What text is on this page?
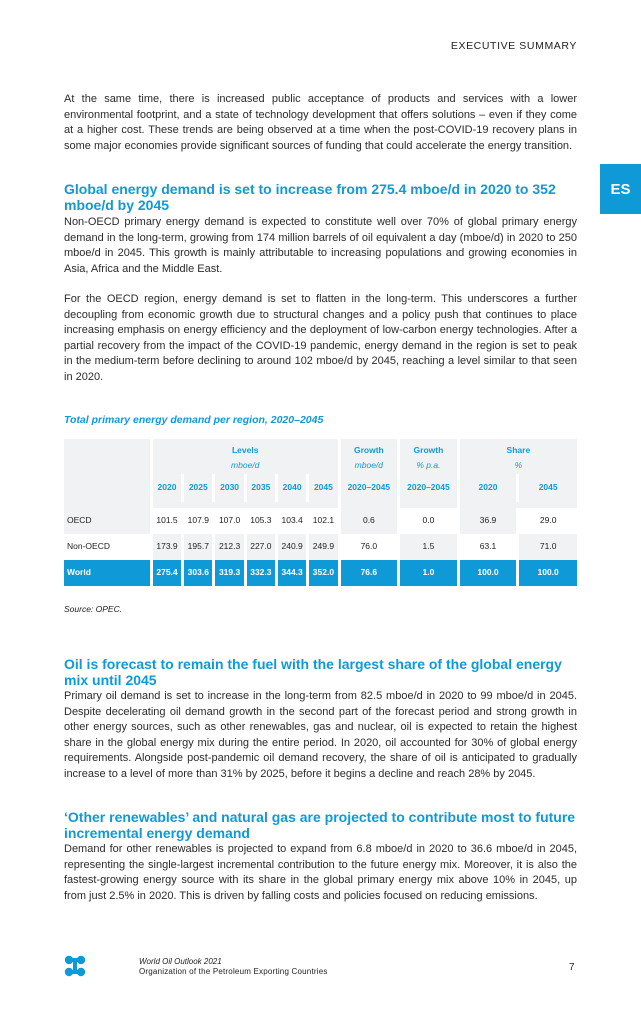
EXECUTIVE SUMMARY
ES

At the same time, there is increased public acceptance of products and services with a lower environmental footprint, and a state of technology development that offers solutions – even if they come at a higher cost. These trends are being observed at a time when the post-COVID-19 recovery plans in some major economies provide significant sources of funding that could accelerate the energy transition.

Global energy demand is set to increase from 275.4 mboe/d in 2020 to 352 mboe/d by 2045

Non-OECD primary energy demand is expected to constitute well over 70% of global primary energy demand in the long-term, growing from 174 million barrels of oil equivalent a day (mboe/d) in 2020 to 250 mboe/d in 2045. This growth is mainly attributable to increasing populations and growing economies in Asia, Africa and the Middle East.

For the OECD region, energy demand is set to flatten in the long-term. This underscores a further decoupling from economic growth due to structural changes and a policy push that continues to place increasing emphasis on energy efficiency and the deployment of low-carbon energy technologies. After a partial recovery from the impact of the COVID-19 pandemic, energy demand in the region is set to peak in the medium-term before declining to around 102 mboe/d by 2045, reaching a level similar to that seen in 2020.

Total primary energy demand per region, 2020–2045

	Levels						Growth	Growth	Share	
	mboe/d						mboe/d	% p.a.	%	
	2020	2025	2030	2035	2040	2045	2020–2045	2020–2045	2020	2045

OECD	101.5	107.9	107.0	105.3	103.4	102.1	0.6	0.0	36.9	29.0
Non-OECD	173.9	195.7	212.3	227.0	240.9	249.9	76.0	1.5	63.1	71.0
World	275.4	303.6	319.3	332.3	344.3	352.0	76.6	1.0	100.0	100.0
Source: OPEC.

Oil is forecast to remain the fuel with the largest share of the global energy mix until 2045

Primary oil demand is set to increase in the long-term from 82.5 mboe/d in 2020 to 99 mboe/d in 2045. Despite decelerating oil demand growth in the second part of the forecast period and strong growth in other energy sources, such as other renewables, gas and nuclear, oil is expected to retain the highest share in the global energy mix during the entire period. In 2020, oil accounted for 30% of global energy requirements. Alongside post-pandemic oil demand recovery, the share of oil is anticipated to gradually increase to a level of more than 31% by 2025, before it begins a decline and reach 28% by 2045.

‘Other renewables’ and natural gas are projected to contribute most to future incremental energy demand

Demand for other renewables is projected to expand from 6.8 mboe/d in 2020 to 36.6 mboe/d in 2045, representing the single-largest incremental contribution to the future energy mix. Moreover, it is also the fastest-growing energy source with its share in the global primary energy mix above 10% in 2045, up from just 2.5% in 2020. This is driven by falling costs and policies focused on reducing emissions.

World Oil Outlook 2021
Organization of the Petroleum Exporting Countries	7
